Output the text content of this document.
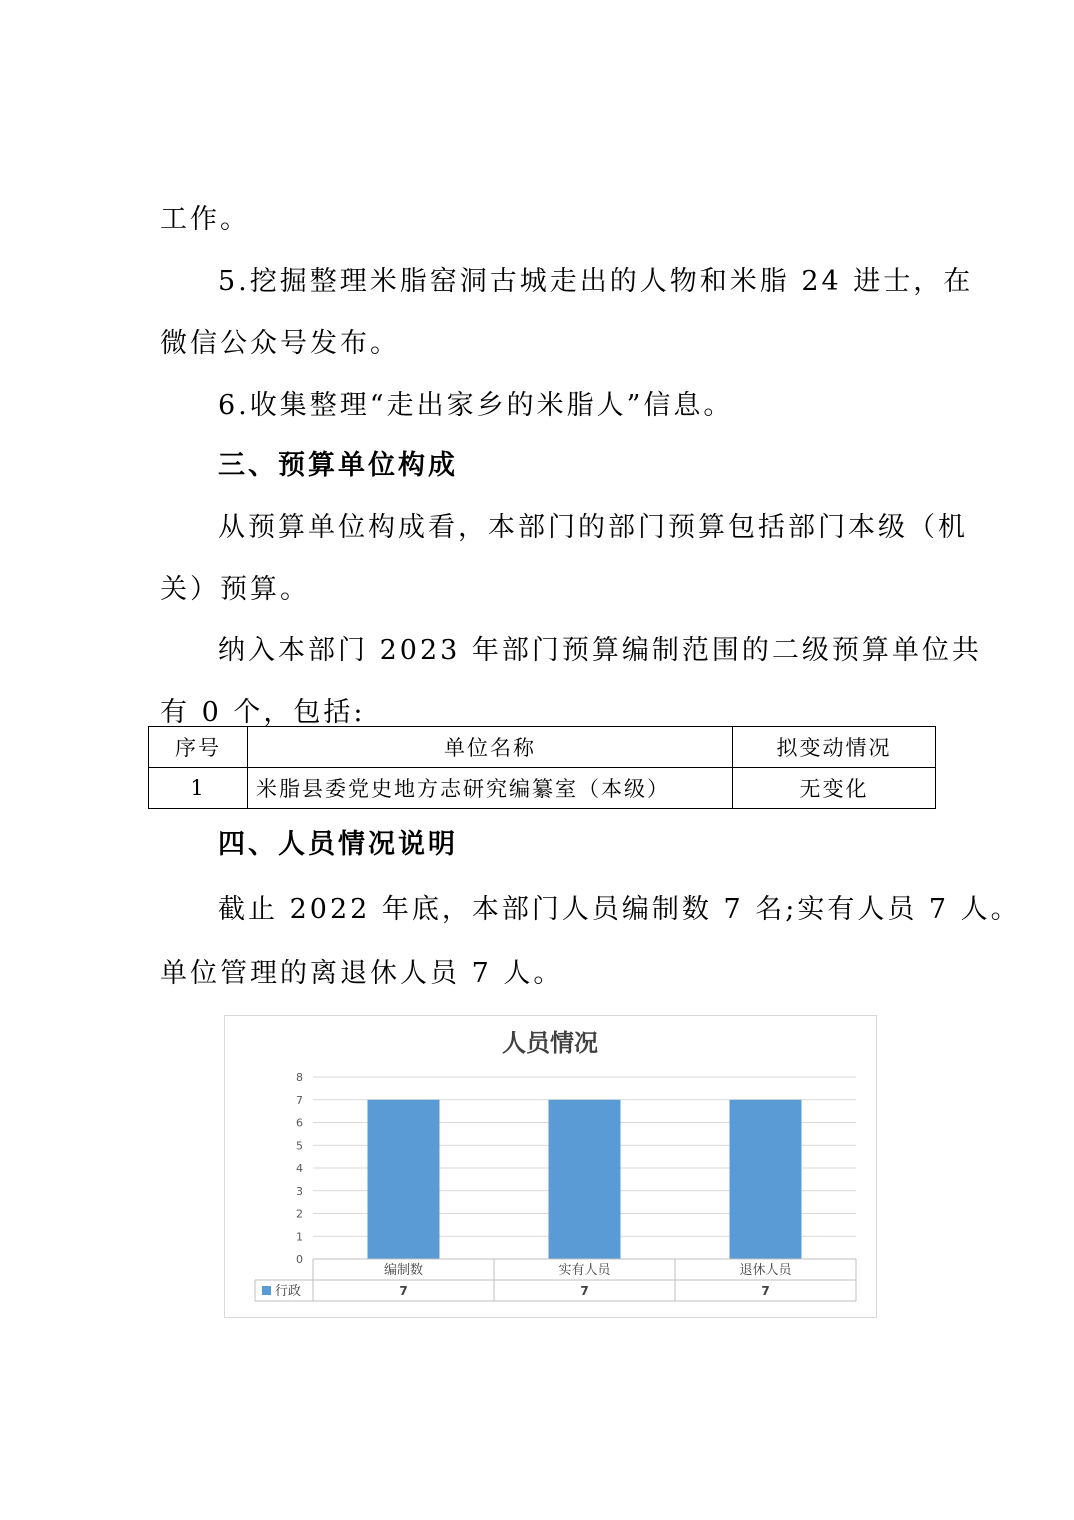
工作。
5.挖掘整理米脂窑洞古城走出的人物和米脂 24 进士，在
微信公众号发布。
6.收集整理“走出家乡的米脂人”信息。
三、预算单位构成
从预算单位构成看，本部门的部门预算包括部门本级（机
关）预算。
纳入本部门 2023 年部门预算编制范围的二级预算单位共
有 0 个，包括:
序号	单位名称	拟变动情况
1	米脂县委党史地方志研究编纂室（本级）	无变化
四、人员情况说明
截止 2022 年底，本部门人员编制数 7 名;实有人员 7 人。
单位管理的离退休人员 7 人。
人员情况
0
1
2
3
4
5
6
7
8
编制数
7
实有人员
7
退休人员
7
行政
